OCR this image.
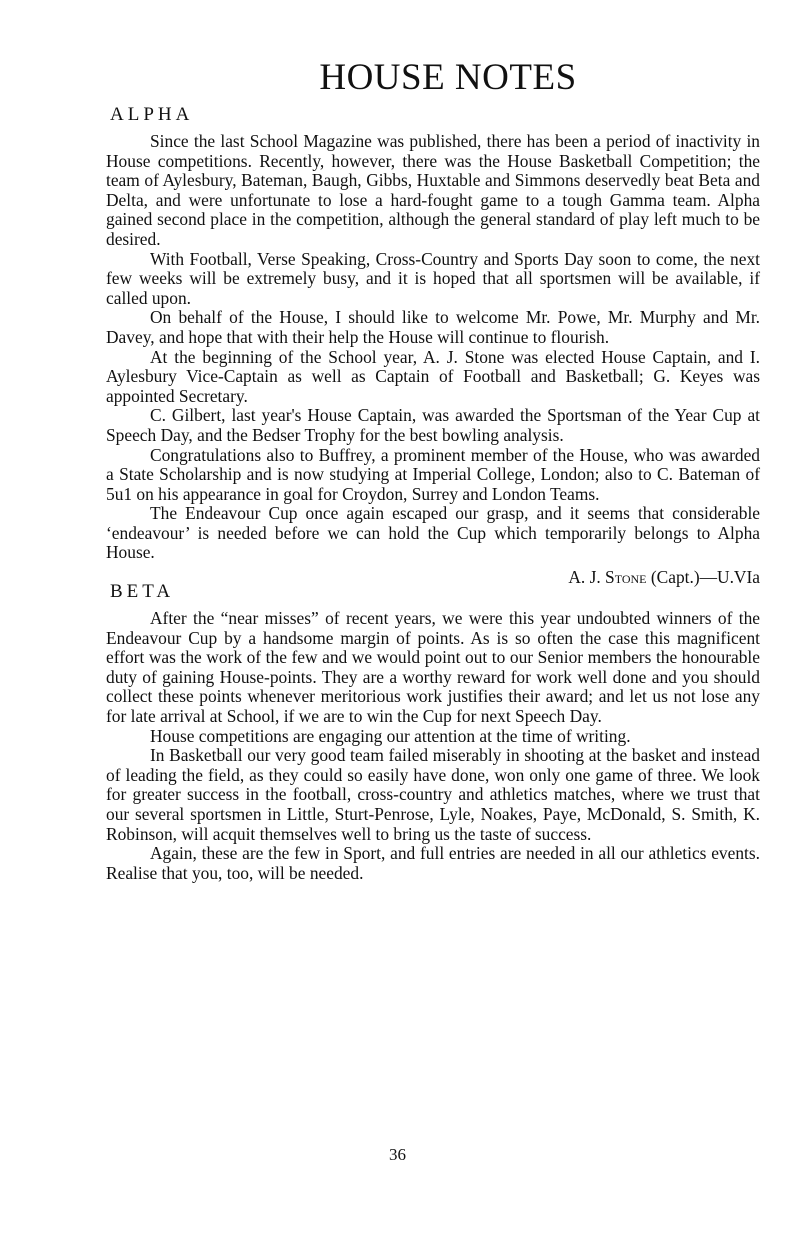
HOUSE NOTES
ALPHA

Since the last School Magazine was published, there has been a period of inactivity in House competitions. Recently, however, there was the House Basketball Competition; the team of Aylesbury, Bateman, Baugh, Gibbs, Huxtable and Simmons deservedly beat Beta and Delta, and were unfortunate to lose a hard-fought game to a tough Gamma team. Alpha gained second place in the competition, although the general standard of play left much to be desired.

With Football, Verse Speaking, Cross-Country and Sports Day soon to come, the next few weeks will be extremely busy, and it is hoped that all sportsmen will be available, if called upon.

On behalf of the House, I should like to welcome Mr. Powe, Mr. Murphy and Mr. Davey, and hope that with their help the House will continue to flourish.

At the beginning of the School year, A. J. Stone was elected House Captain, and I. Aylesbury Vice-Captain as well as Captain of Football and Basketball; G. Keyes was appointed Secretary.

C. Gilbert, last year's House Captain, was awarded the Sportsman of the Year Cup at Speech Day, and the Bedser Trophy for the best bowling analysis.

Congratulations also to Buffrey, a prominent member of the House, who was awarded a State Scholarship and is now studying at Imperial College, London; also to C. Bateman of 5u1 on his appearance in goal for Croydon, Surrey and London Teams.

The Endeavour Cup once again escaped our grasp, and it seems that considerable ‘endeavour’ is needed before we can hold the Cup which temporarily belongs to Alpha House.

A. J. Stone (Capt.)—U.VIa
BETA

After the “near misses” of recent years, we were this year undoubted winners of the Endeavour Cup by a handsome margin of points. As is so often the case this magnificent effort was the work of the few and we would point out to our Senior members the honourable duty of gaining House-points. They are a worthy reward for work well done and you should collect these points whenever meritorious work justifies their award; and let us not lose any for late arrival at School, if we are to win the Cup for next Speech Day.

House competitions are engaging our attention at the time of writing.

In Basketball our very good team failed miserably in shooting at the basket and instead of leading the field, as they could so easily have done, won only one game of three. We look for greater success in the football, cross-country and athletics matches, where we trust that our several sportsmen in Little, Sturt-Penrose, Lyle, Noakes, Paye, McDonald, S. Smith, K. Robinson, will acquit themselves well to bring us the taste of success.

Again, these are the few in Sport, and full entries are needed in all our athletics events. Realise that you, too, will be needed.

36
